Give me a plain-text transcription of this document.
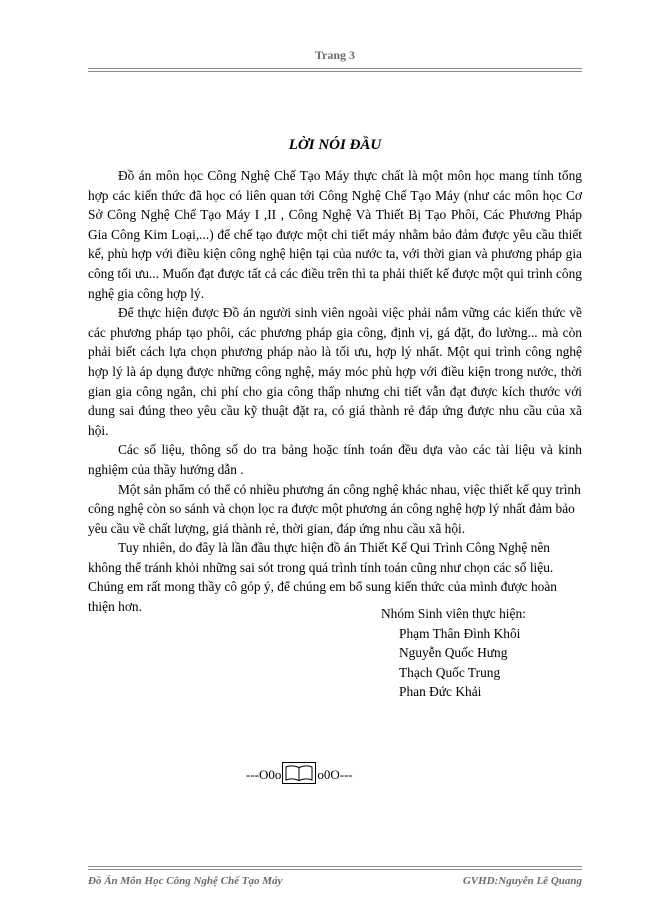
Trang 3
LỜI NÓI ĐẦU

Đồ án môn học Công Nghệ Chế Tạo Máy thực chất là một môn học mang tính tổng hợp các kiến thức đã học có liên quan tới Công Nghệ Chế Tạo Máy (như các môn học Cơ Sở Công Nghệ Chế Tạo Máy I ,II , Công Nghệ Và Thiết Bị Tạo Phôi, Các Phương Pháp Gia Công Kim Loại,...) để chế tạo được một chi tiết máy nhằm bảo đảm được yêu cầu thiết kế, phù hợp với điều kiện công nghệ hiện tại của nước ta, với thời gian và phương pháp gia công tối ưu... Muốn đạt được tất cả các điều trên thì ta phải thiết kế được một qui trình công nghệ gia công hợp lý.

Để thực hiện được Đồ án người sinh viên ngoài việc phải nắm vững các kiến thức về các phương pháp tạo phôi, các phương pháp gia công, định vị, gá đặt, đo lường... mà còn phải biết cách lựa chọn phương pháp nào là tối ưu, hợp lý nhất. Một qui trình công nghệ hợp lý là áp dụng được những công nghệ, máy móc phù hợp với điều kiện trong nước, thời gian gia công ngắn, chi phí cho gia công thấp nhưng chi tiết vẫn đạt được kích thước với dung sai đúng theo yêu cầu kỹ thuật đặt ra, có giá thành rẻ đáp ứng được nhu cầu của xã hội.

Các số liệu, thông số do tra bảng hoặc tính toán đều dựa vào các tài liệu và kinh nghiệm của thầy hướng dẫn .

Một sản phẩm có thể có nhiều phương án công nghệ khác nhau, việc thiết kế quy trình công nghệ còn so sánh và chọn lọc ra được một phương án công nghệ hợp lý nhất đảm bảo yêu cầu về chất lượng, giá thành rẻ, thời gian, đáp ứng nhu cầu xã hội.

Tuy nhiên, do đây là lần đầu thực hiện đồ án Thiết Kế Qui Trình Công Nghệ nên không thể tránh khỏi những sai sót trong quá trình tính toán cũng như chọn các số liệu. Chúng em rất mong thầy cô góp ý, để chúng em bổ sung kiến thức của mình được hoàn thiện hơn.	Nhóm Sinh viên thực hiện:
Phạm Thân Đình Khôi
Nguyễn Quốc Hưng
Thạch Quốc Trung
Phan Đức Khải
---O0o	o0O---
Đồ Án Môn Học Công Nghệ Chế Tạo Máy	GVHD:Nguyễn Lê Quang
